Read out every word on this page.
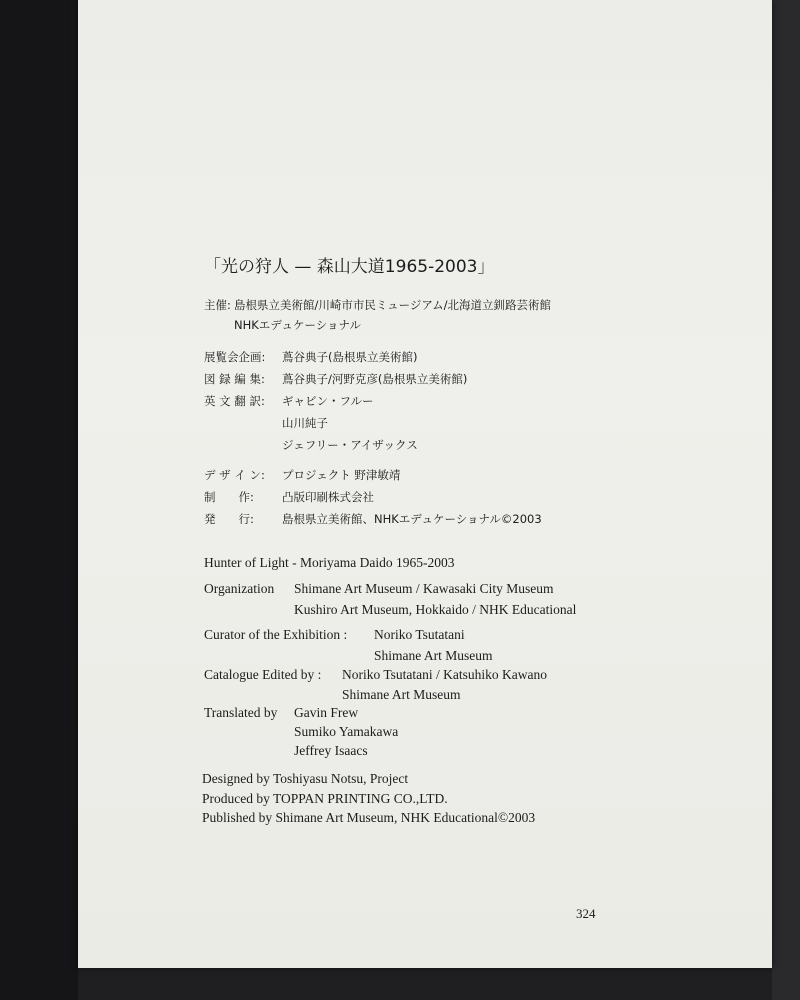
「光の狩人 — 森山大道1965-2003」
主催: 島根県立美術館/川崎市市民ミュージアム/北海道立釧路芸術館
NHKエデュケーショナル
展覧会企画: 蔦谷典子(島根県立美術館)
図 録 編 集: 蔦谷典子/河野克彦(島根県立美術館)
英 文 翻 訳: ギャビン・フルー
山川純子
ジェフリー・アイザックス
デ ザ イ ン: プロジェクト 野津敏靖
制　　作: 凸版印刷株式会社
発　　行: 島根県立美術館、NHKエデュケーショナル©2003
Hunter of Light - Moriyama Daido 1965-2003
Organization Shimane Art Museum / Kawasaki City Museum
Kushiro Art Museum, Hokkaido / NHK Educational
Curator of the Exhibition : Noriko Tsutatani
Shimane Art Museum
Catalogue Edited by : Noriko Tsutatani / Katsuhiko Kawano
Shimane Art Museum
Translated by Gavin Frew
Sumiko Yamakawa
Jeffrey Isaacs
Designed by Toshiyasu Notsu, Project
Produced by TOPPAN PRINTING CO.,LTD.
Published by Shimane Art Museum, NHK Educational©2003
324
